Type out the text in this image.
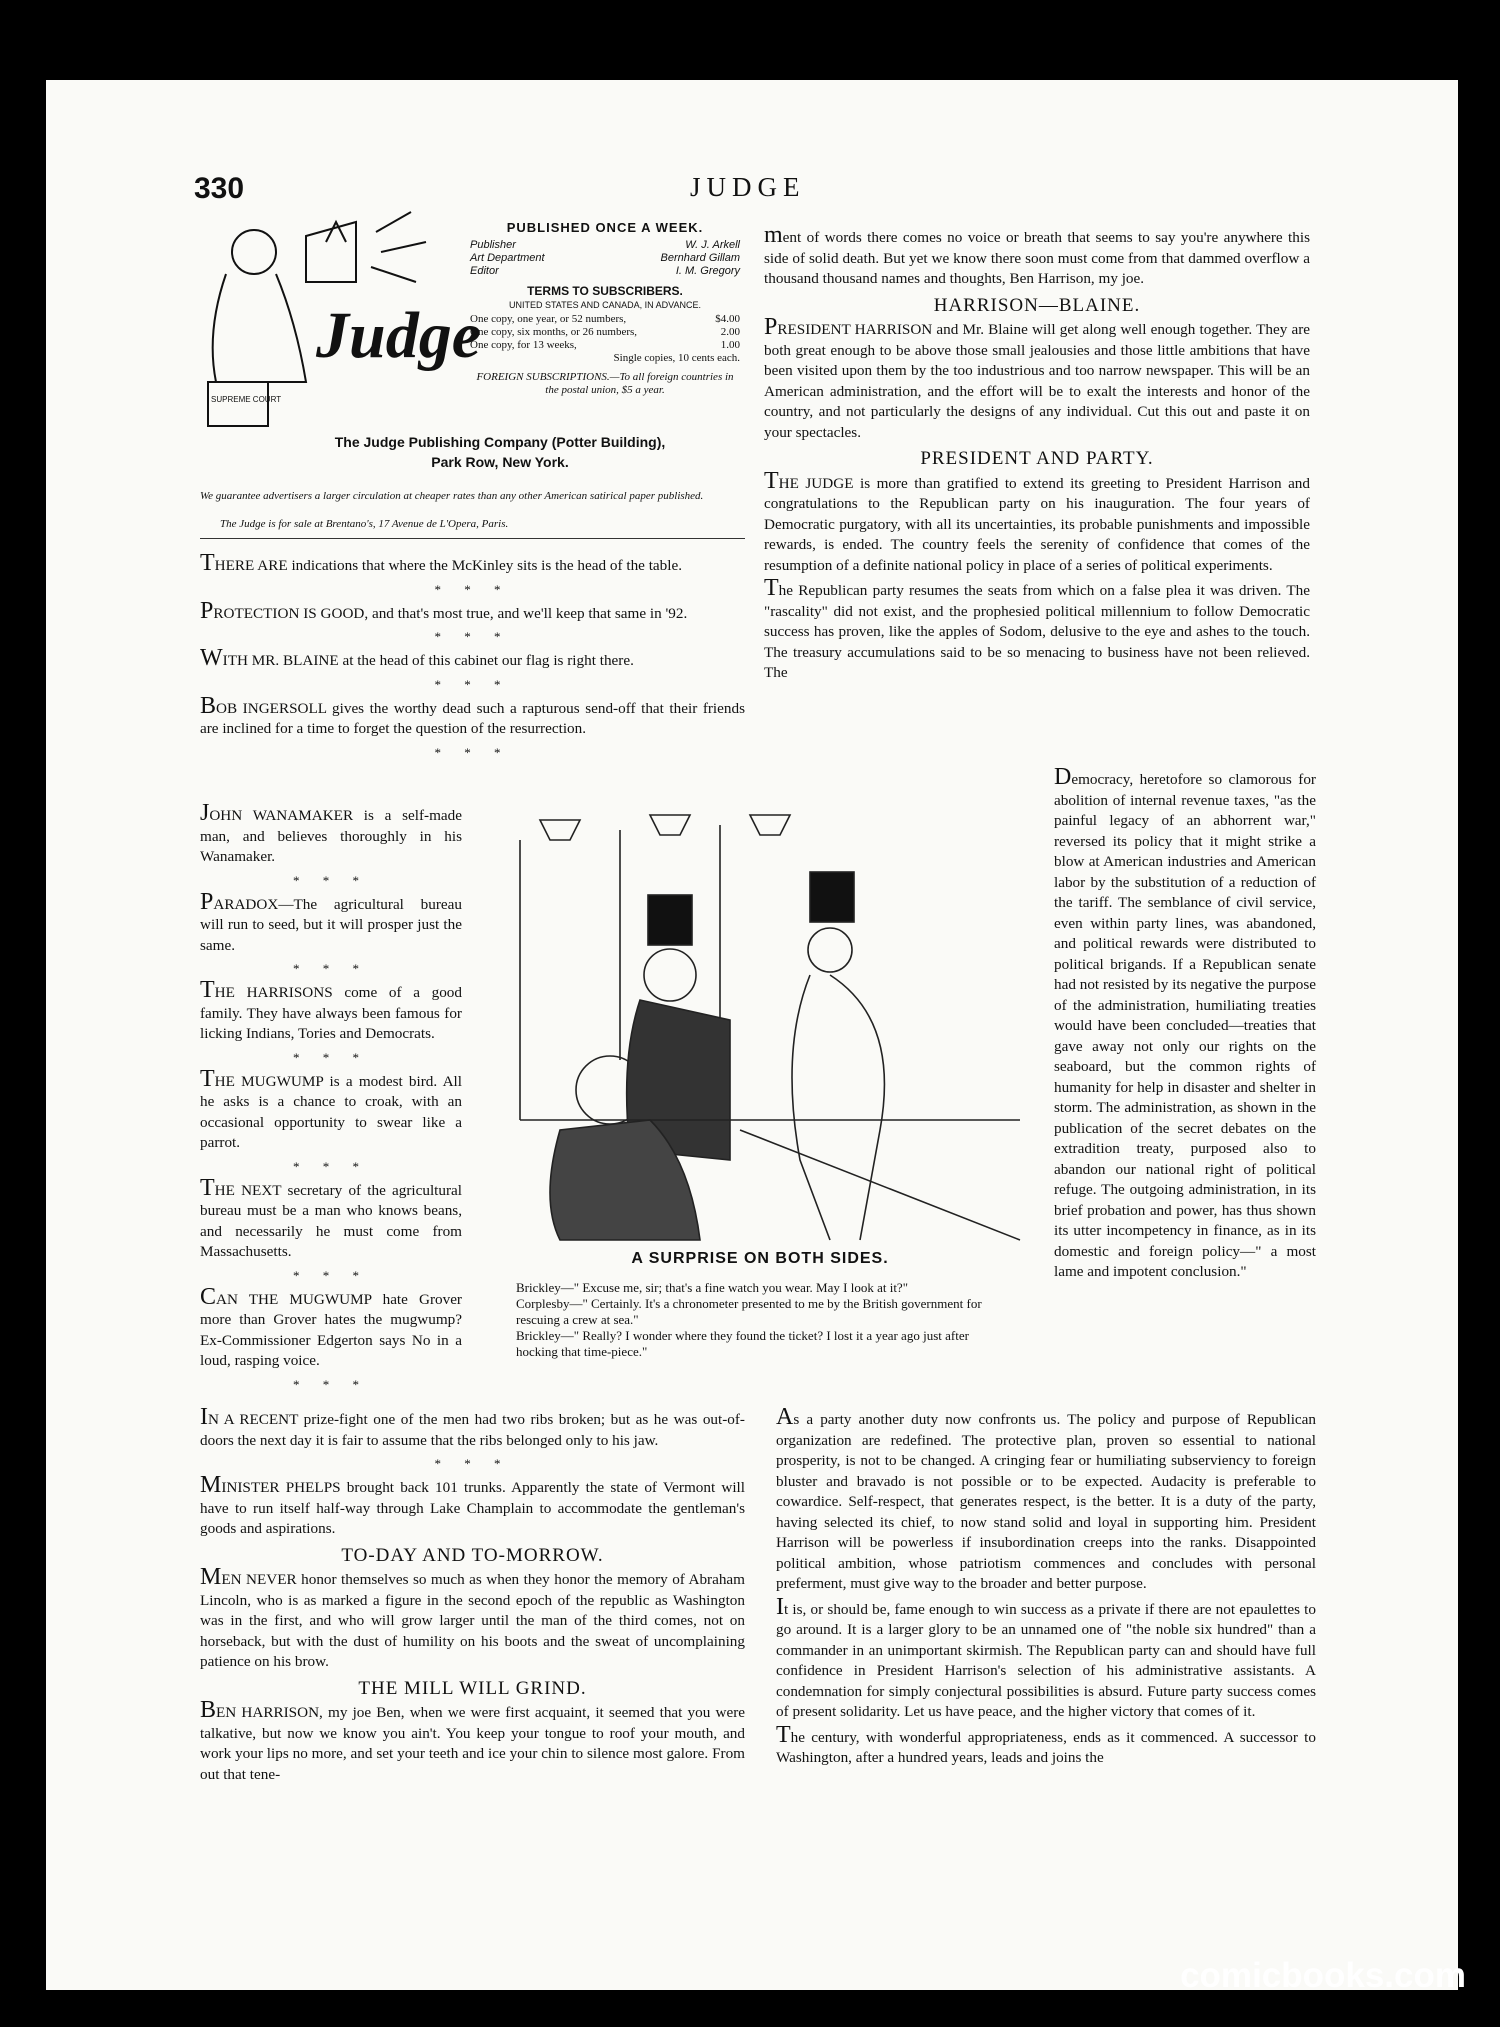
330	JUDGE
Judge
SUPREME COURT
PUBLISHED ONCE A WEEK.
Publisher	W. J. Arkell
Art Department	Bernhard Gillam
Editor	I. M. Gregory
TERMS TO SUBSCRIBERS.
UNITED STATES AND CANADA, IN ADVANCE.
One copy, one year, or 52 numbers,	$4.00
One copy, six months, or 26 numbers,	2.00
One copy, for 13 weeks,	1.00
Single copies, 10 cents each.
FOREIGN SUBSCRIPTIONS.—To all foreign countries in the postal union, $5 a year.
The Judge Publishing Company (Potter Building),
Park Row, New York.
We guarantee advertisers a larger circulation at cheaper rates than any other American satirical paper published.
The Judge is for sale at Brentano's, 17 Avenue de L'Opera, Paris.

THERE ARE indications that where the McKinley sits is the head of the table.

* * *

PROTECTION IS GOOD, and that's most true, and we'll keep that same in '92.

* * *

WITH MR. BLAINE at the head of this cabinet our flag is right there.

* * *

BOB INGERSOLL gives the worthy dead such a rapturous send-off that their friends are inclined for a time to forget the question of the resurrection.

* * *

JOHN WANAMAKER is a self-made man, and believes thoroughly in his Wanamaker.

* * *

PARADOX—The agricultural bureau will run to seed, but it will prosper just the same.

* * *

THE HARRISONS come of a good family. They have always been famous for licking Indians, Tories and Democrats.

* * *

THE MUGWUMP is a modest bird. All he asks is a chance to croak, with an occasional opportunity to swear like a parrot.

* * *

THE NEXT secretary of the agricultural bureau must be a man who knows beans, and necessarily he must come from Massachusetts.

* * *

CAN THE MUGWUMP hate Grover more than Grover hates the mugwump? Ex-Commissioner Edgerton says No in a loud, rasping voice.

* * *
A SURPRISE ON BOTH SIDES.
Brickley—" Excuse me, sir; that's a fine watch you wear. May I look at it?"
Corplesby—" Certainly. It's a chronometer presented to me by the British government for rescuing a crew at sea."
Brickley—" Really? I wonder where they found the ticket? I lost it a year ago just after hocking that time-piece."

IN A RECENT prize-fight one of the men had two ribs broken; but as he was out-of-doors the next day it is fair to assume that the ribs belonged only to his jaw.

* * *

MINISTER PHELPS brought back 101 trunks. Apparently the state of Vermont will have to run itself half-way through Lake Champlain to accommodate the gentleman's goods and aspirations.

TO-DAY AND TO-MORROW.

MEN NEVER honor themselves so much as when they honor the memory of Abraham Lincoln, who is as marked a figure in the second epoch of the republic as Washington was in the first, and who will grow larger until the man of the third comes, not on horseback, but with the dust of humility on his boots and the sweat of uncomplaining patience on his brow.

THE MILL WILL GRIND.

BEN HARRISON, my joe Ben, when we were first acquaint, it seemed that you were talkative, but now we know you ain't. You keep your tongue to roof your mouth, and work your lips no more, and set your teeth and ice your chin to silence most galore. From out that tene-

ment of words there comes no voice or breath that seems to say you're anywhere this side of solid death. But yet we know there soon must come from that dammed overflow a thousand thousand names and thoughts, Ben Harrison, my joe.

HARRISON—BLAINE.

PRESIDENT HARRISON and Mr. Blaine will get along well enough together. They are both great enough to be above those small jealousies and those little ambitions that have been visited upon them by the too industrious and too narrow newspaper. This will be an American administration, and the effort will be to exalt the interests and honor of the country, and not particularly the designs of any individual. Cut this out and paste it on your spectacles.

PRESIDENT AND PARTY.

THE JUDGE is more than gratified to extend its greeting to President Harrison and congratulations to the Republican party on his inauguration. The four years of Democratic purgatory, with all its uncertainties, its probable punishments and impossible rewards, is ended. The country feels the serenity of confidence that comes of the resumption of a definite national policy in place of a series of political experiments.

The Republican party resumes the seats from which on a false plea it was driven. The "rascality" did not exist, and the prophesied political millennium to follow Democratic success has proven, like the apples of Sodom, delusive to the eye and ashes to the touch. The treasury accumulations said to be so menacing to business have not been relieved. The

Democracy, heretofore so clamorous for abolition of internal revenue taxes, "as the painful legacy of an abhorrent war," reversed its policy that it might strike a blow at American industries and American labor by the substitution of a reduction of the tariff. The semblance of civil service, even within party lines, was abandoned, and political rewards were distributed to political brigands. If a Republican senate had not resisted by its negative the purpose of the administration, humiliating treaties would have been concluded—treaties that gave away not only our rights on the seaboard, but the common rights of humanity for help in disaster and shelter in storm. The administration, as shown in the publication of the secret debates on the extradition treaty, purposed also to abandon our national right of political refuge. The outgoing administration, in its brief probation and power, has thus shown its utter incompetency in finance, as in its domestic and foreign policy—" a most lame and impotent conclusion."

As a party another duty now confronts us. The policy and purpose of Republican organization are redefined. The protective plan, proven so essential to national prosperity, is not to be changed. A cringing fear or humiliating subserviency to foreign bluster and bravado is not possible or to be expected. Audacity is preferable to cowardice. Self-respect, that generates respect, is the better. It is a duty of the party, having selected its chief, to now stand solid and loyal in supporting him. President Harrison will be powerless if insubordination creeps into the ranks. Disappointed political ambition, whose patriotism commences and concludes with personal preferment, must give way to the broader and better purpose.

It is, or should be, fame enough to win success as a private if there are not epaulettes to go around. It is a larger glory to be an unnamed one of "the noble six hundred" than a commander in an unimportant skirmish. The Republican party can and should have full confidence in President Harrison's selection of his administrative assistants. A condemnation for simply conjectural possibilities is absurd. Future party success comes of present solidarity. Let us have peace, and the higher victory that comes of it.

The century, with wonderful appropriateness, ends as it commenced. A successor to Washington, after a hundred years, leads and joins the

comicbooks.com
